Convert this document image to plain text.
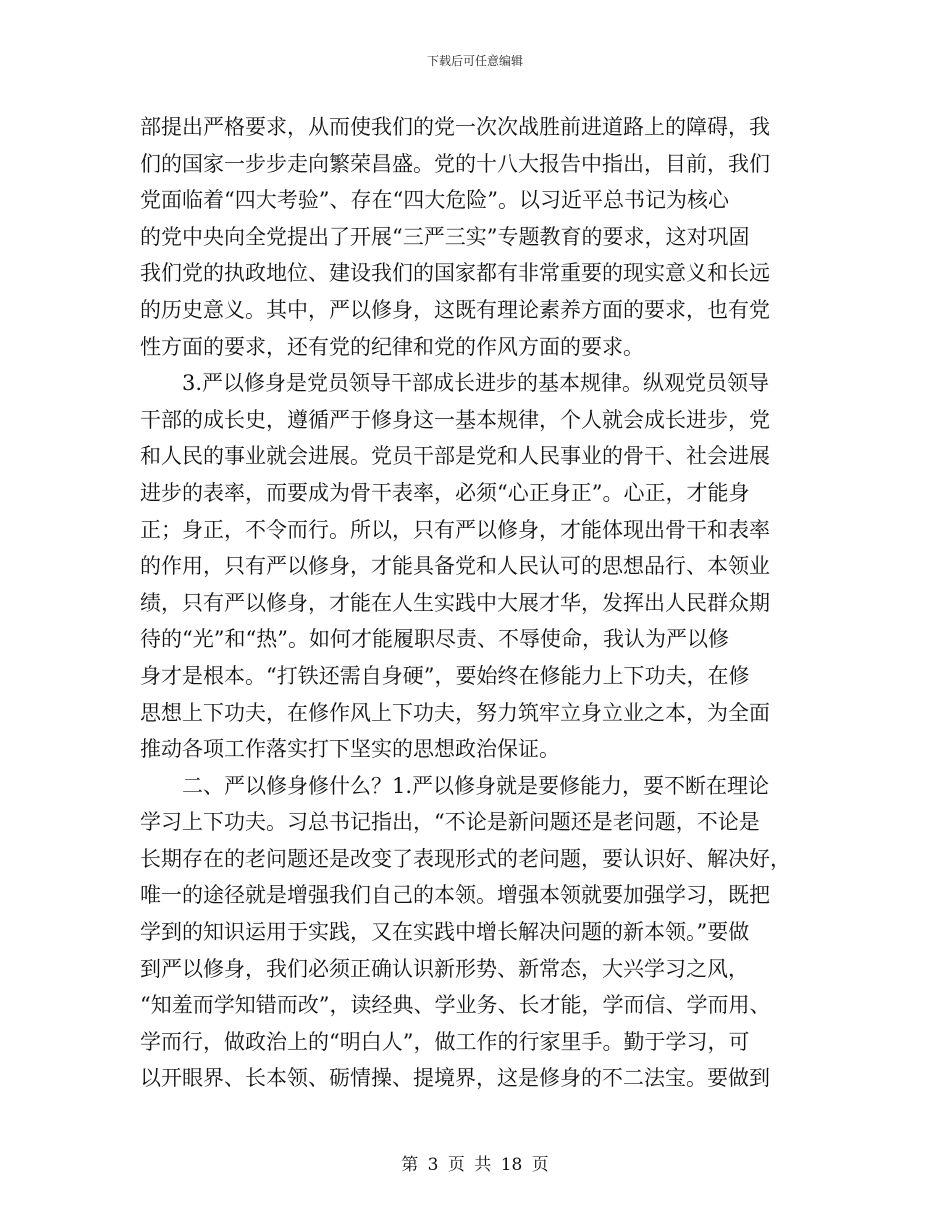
下载后可任意编辑
部提出严格要求，从而使我们的党一次次战胜前进道路上的障碍，我
们的国家一步步走向繁荣昌盛。党的十八大报告中指出，目前，我们
党面临着“四大考验”、存在“四大危险”。以习近平总书记为核心
的党中央向全党提出了开展“三严三实”专题教育的要求，这对巩固
我们党的执政地位、建设我们的国家都有非常重要的现实意义和长远
的历史意义。其中，严以修身，这既有理论素养方面的要求，也有党
性方面的要求，还有党的纪律和党的作风方面的要求。
　　3.严以修身是党员领导干部成长进步的基本规律。纵观党员领导
干部的成长史，遵循严于修身这一基本规律，个人就会成长进步，党
和人民的事业就会进展。党员干部是党和人民事业的骨干、社会进展
进步的表率，而要成为骨干表率，必须“心正身正”。心正，才能身
正；身正，不令而行。所以，只有严以修身，才能体现出骨干和表率
的作用，只有严以修身，才能具备党和人民认可的思想品行、本领业
绩，只有严以修身，才能在人生实践中大展才华，发挥出人民群众期
待的“光”和“热”。如何才能履职尽责、不辱使命，我认为严以修
身才是根本。“打铁还需自身硬”，要始终在修能力上下功夫，在修
思想上下功夫，在修作风上下功夫，努力筑牢立身立业之本，为全面
推动各项工作落实打下坚实的思想政治保证。
　　二、严以修身修什么？1.严以修身就是要修能力，要不断在理论
学习上下功夫。习总书记指出，“不论是新问题还是老问题，不论是
长期存在的老问题还是改变了表现形式的老问题，要认识好、解决好，
唯一的途径就是增强我们自己的本领。增强本领就要加强学习，既把
学到的知识运用于实践，又在实践中增长解决问题的新本领。”要做
到严以修身，我们必须正确认识新形势、新常态，大兴学习之风，
“知羞而学知错而改”，读经典、学业务、长才能，学而信、学而用、
学而行，做政治上的“明白人”，做工作的行家里手。勤于学习，可
以开眼界、长本领、砺情操、提境界，这是修身的不二法宝。要做到
第 3 页 共 18 页
